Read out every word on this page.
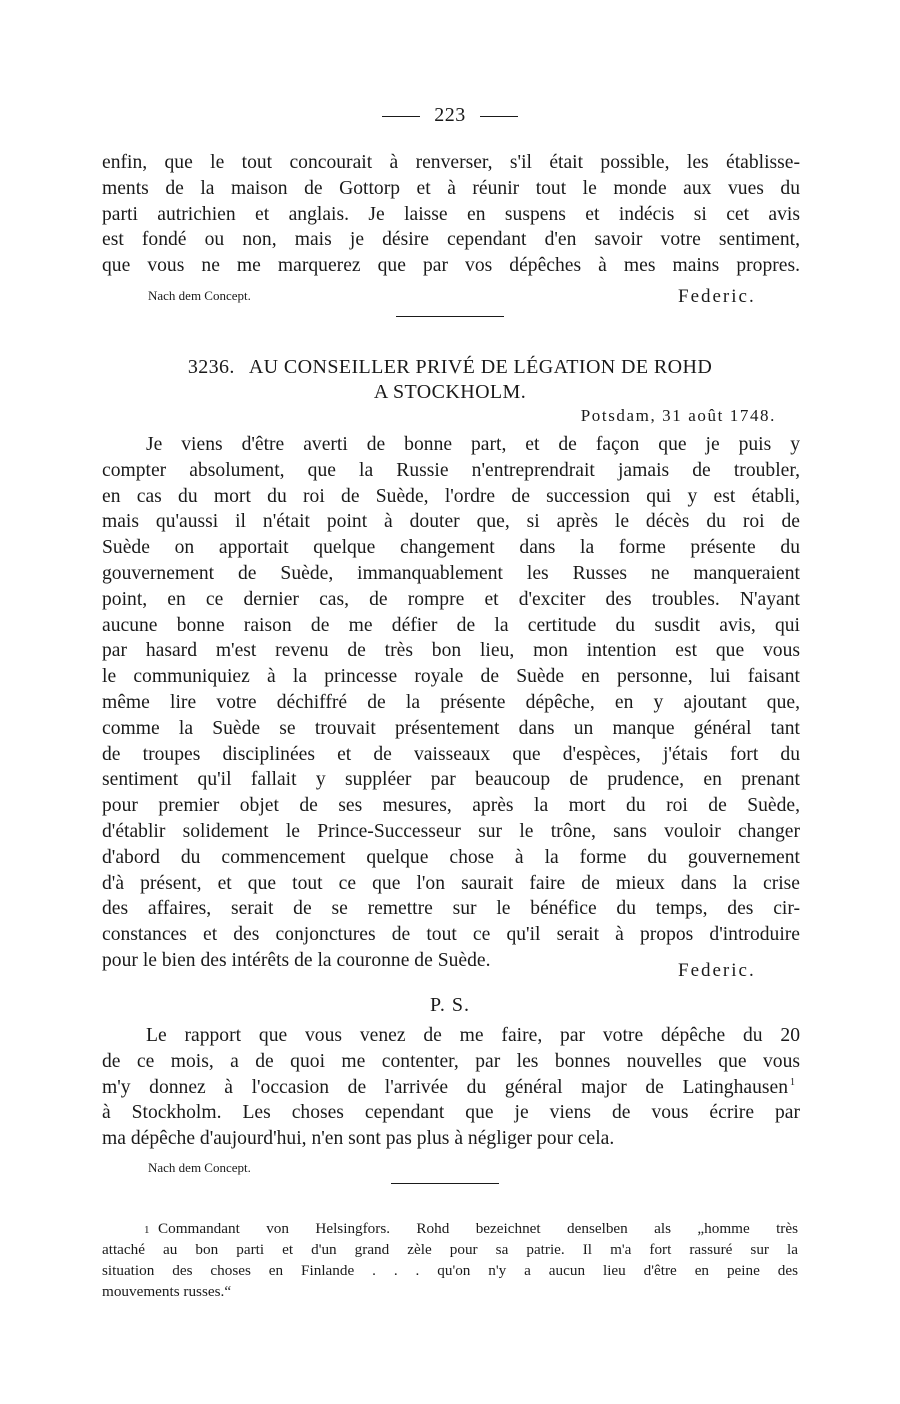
223
enfin, que le tout concourait à renverser, s'il était possible, les établisse-
ments de la maison de Gottorp et à réunir tout le monde aux vues du
parti autrichien et anglais. Je laisse en suspens et indécis si cet avis
est fondé ou non, mais je désire cependant d'en savoir votre sentiment,
que vous ne me marquerez que par vos dépêches à mes mains propres.
Nach dem Concept.	Federic.
3236. AU CONSEILLER PRIVÉ DE LÉGATION DE ROHD
A STOCKHOLM.
Potsdam, 31 août 1748.
Je viens d'être averti de bonne part, et de façon que je puis y
compter absolument, que la Russie n'entreprendrait jamais de troubler,
en cas du mort du roi de Suède, l'ordre de succession qui y est établi,
mais qu'aussi il n'était point à douter que, si après le décès du roi de
Suède on apportait quelque changement dans la forme présente du
gouvernement de Suède, immanquablement les Russes ne manqueraient
point, en ce dernier cas, de rompre et d'exciter des troubles. N'ayant
aucune bonne raison de me défier de la certitude du susdit avis, qui
par hasard m'est revenu de très bon lieu, mon intention est que vous
le communiquiez à la princesse royale de Suède en personne, lui faisant
même lire votre déchiffré de la présente dépêche, en y ajoutant que,
comme la Suède se trouvait présentement dans un manque général tant
de troupes disciplinées et de vaisseaux que d'espèces, j'étais fort du
sentiment qu'il fallait y suppléer par beaucoup de prudence, en prenant
pour premier objet de ses mesures, après la mort du roi de Suède,
d'établir solidement le Prince-Successeur sur le trône, sans vouloir changer
d'abord du commencement quelque chose à la forme du gouvernement
d'à présent, et que tout ce que l'on saurait faire de mieux dans la crise
des affaires, serait de se remettre sur le bénéfice du temps, des cir-
constances et des conjonctures de tout ce qu'il serait à propos d'introduire
pour le bien des intérêts de la couronne de Suède.	Federic.
P. S.
Le rapport que vous venez de me faire, par votre dépêche du 20
de ce mois, a de quoi me contenter, par les bonnes nouvelles que vous
m'y donnez à l'occasion de l'arrivée du général major de Latinghausen
à Stockholm. Les choses cependant que je viens de vous écrire par
ma dépêche d'aujourd'hui, n'en sont pas plus à négliger pour cela.
1
Nach dem Concept.
1 Commandant von Helsingfors. Rohd bezeichnet denselben als „homme très
attaché au bon parti et d'un grand zèle pour sa patrie. Il m'a fort rassuré sur la
situation des choses en Finlande . . . qu'on n'y a aucun lieu d'être en peine des
mouvements russes.“
